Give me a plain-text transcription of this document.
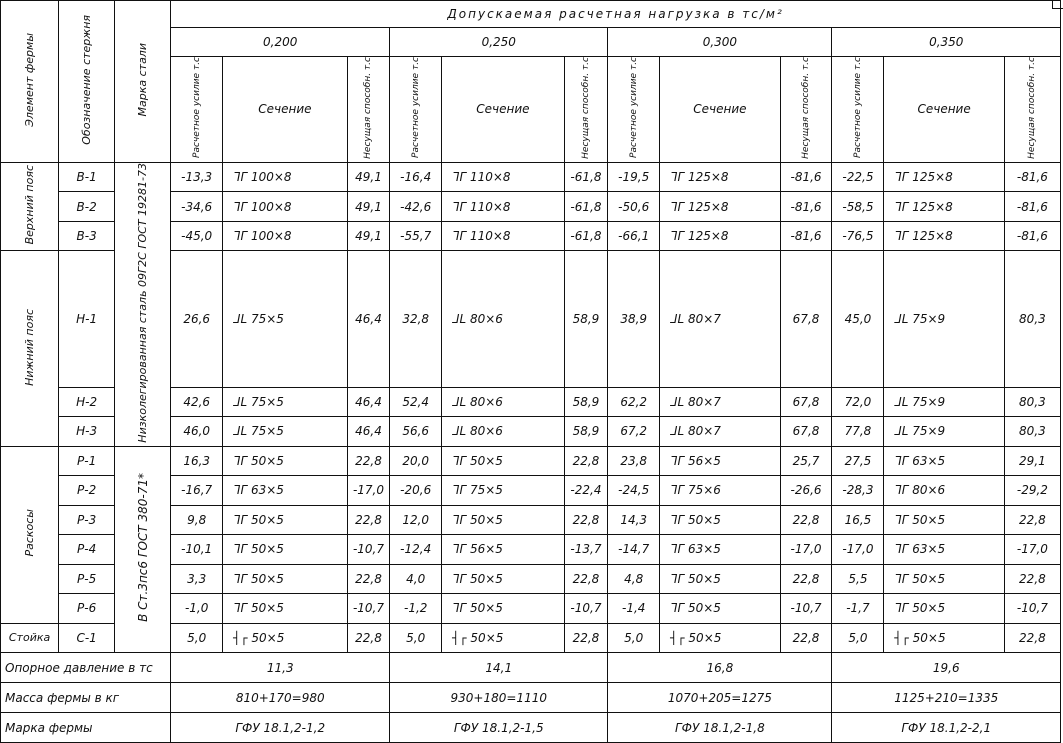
Элемент фермы	Обозначение стержня	Марка стали	Допускаемая расчетная нагрузка в тс/м²											
			0,200			0,250			0,300			0,350		
			Расчетное усилие т.с	Сечение	Несущая способн. т.с	Расчетное усилие т.с	Сечение	Несущая способн. т.с	Расчетное усилие т.с	Сечение	Несущая способн. т.с	Расчетное усилие т.с	Сечение	Несущая способн. т.с
Верхний пояс	В-1	Низколегированная сталь 09Г2С ГОСТ 19281-73	-13,3	ᒣᒥ 100×8	49,1	-16,4	ᒣᒥ 110×8	-61,8	-19,5	ᒣᒥ 125×8	-81,6	-22,5	ᒣᒥ 125×8	-81,6
	В-2		-34,6	ᒣᒥ 100×8	49,1	-42,6	ᒣᒥ 110×8	-61,8	-50,6	ᒣᒥ 125×8	-81,6	-58,5	ᒣᒥ 125×8	-81,6
	В-3		-45,0	ᒣᒥ 100×8	49,1	-55,7	ᒣᒥ 110×8	-61,8	-66,1	ᒣᒥ 125×8	-81,6	-76,5	ᒣᒥ 125×8	-81,6
Нижний пояс	Н-1		26,6	ᒧᒪ 75×5	46,4	32,8	ᒧᒪ 80×6	58,9	38,9	ᒧᒪ 80×7	67,8	45,0	ᒧᒪ 75×9	80,3
	Н-2		42,6	ᒧᒪ 75×5	46,4	52,4	ᒧᒪ 80×6	58,9	62,2	ᒧᒪ 80×7	67,8	72,0	ᒧᒪ 75×9	80,3
	Н-3		46,0	ᒧᒪ 75×5	46,4	56,6	ᒧᒪ 80×6	58,9	67,2	ᒧᒪ 80×7	67,8	77,8	ᒧᒪ 75×9	80,3
Раскосы	Р-1	В Ст.3пс6 ГОСТ 380-71*	16,3	ᒣᒥ 50×5	22,8	20,0	ᒣᒥ 50×5	22,8	23,8	ᒣᒥ 56×5	25,7	27,5	ᒣᒥ 63×5	29,1
	Р-2		-16,7	ᒣᒥ 63×5	-17,0	-20,6	ᒣᒥ 75×5	-22,4	-24,5	ᒣᒥ 75×6	-26,6	-28,3	ᒣᒥ 80×6	-29,2
	Р-3		9,8	ᒣᒥ 50×5	22,8	12,0	ᒣᒥ 50×5	22,8	14,3	ᒣᒥ 50×5	22,8	16,5	ᒣᒥ 50×5	22,8
	Р-4		-10,1	ᒣᒥ 50×5	-10,7	-12,4	ᒣᒥ 56×5	-13,7	-14,7	ᒣᒥ 63×5	-17,0	-17,0	ᒣᒥ 63×5	-17,0
	Р-5		3,3	ᒣᒥ 50×5	22,8	4,0	ᒣᒥ 50×5	22,8	4,8	ᒣᒥ 50×5	22,8	5,5	ᒣᒥ 50×5	22,8
	Р-6		-1,0	ᒣᒥ 50×5	-10,7	-1,2	ᒣᒥ 50×5	-10,7	-1,4	ᒣᒥ 50×5	-10,7	-1,7	ᒣᒥ 50×5	-10,7
Стойка	С-1		5,0	┤┌ 50×5	22,8	5,0	┤┌ 50×5	22,8	5,0	┤┌ 50×5	22,8	5,0	┤┌ 50×5	22,8
Опорное давление в тс			11,3			14,1			16,8			19,6		
Масса фермы в кг			810+170=980			930+180=1110			1070+205=1275			1125+210=1335		
Марка фермы			ГФУ 18.1,2-1,2			ГФУ 18.1,2-1,5			ГФУ 18.1,2-1,8			ГФУ 18.1,2-2,1		
